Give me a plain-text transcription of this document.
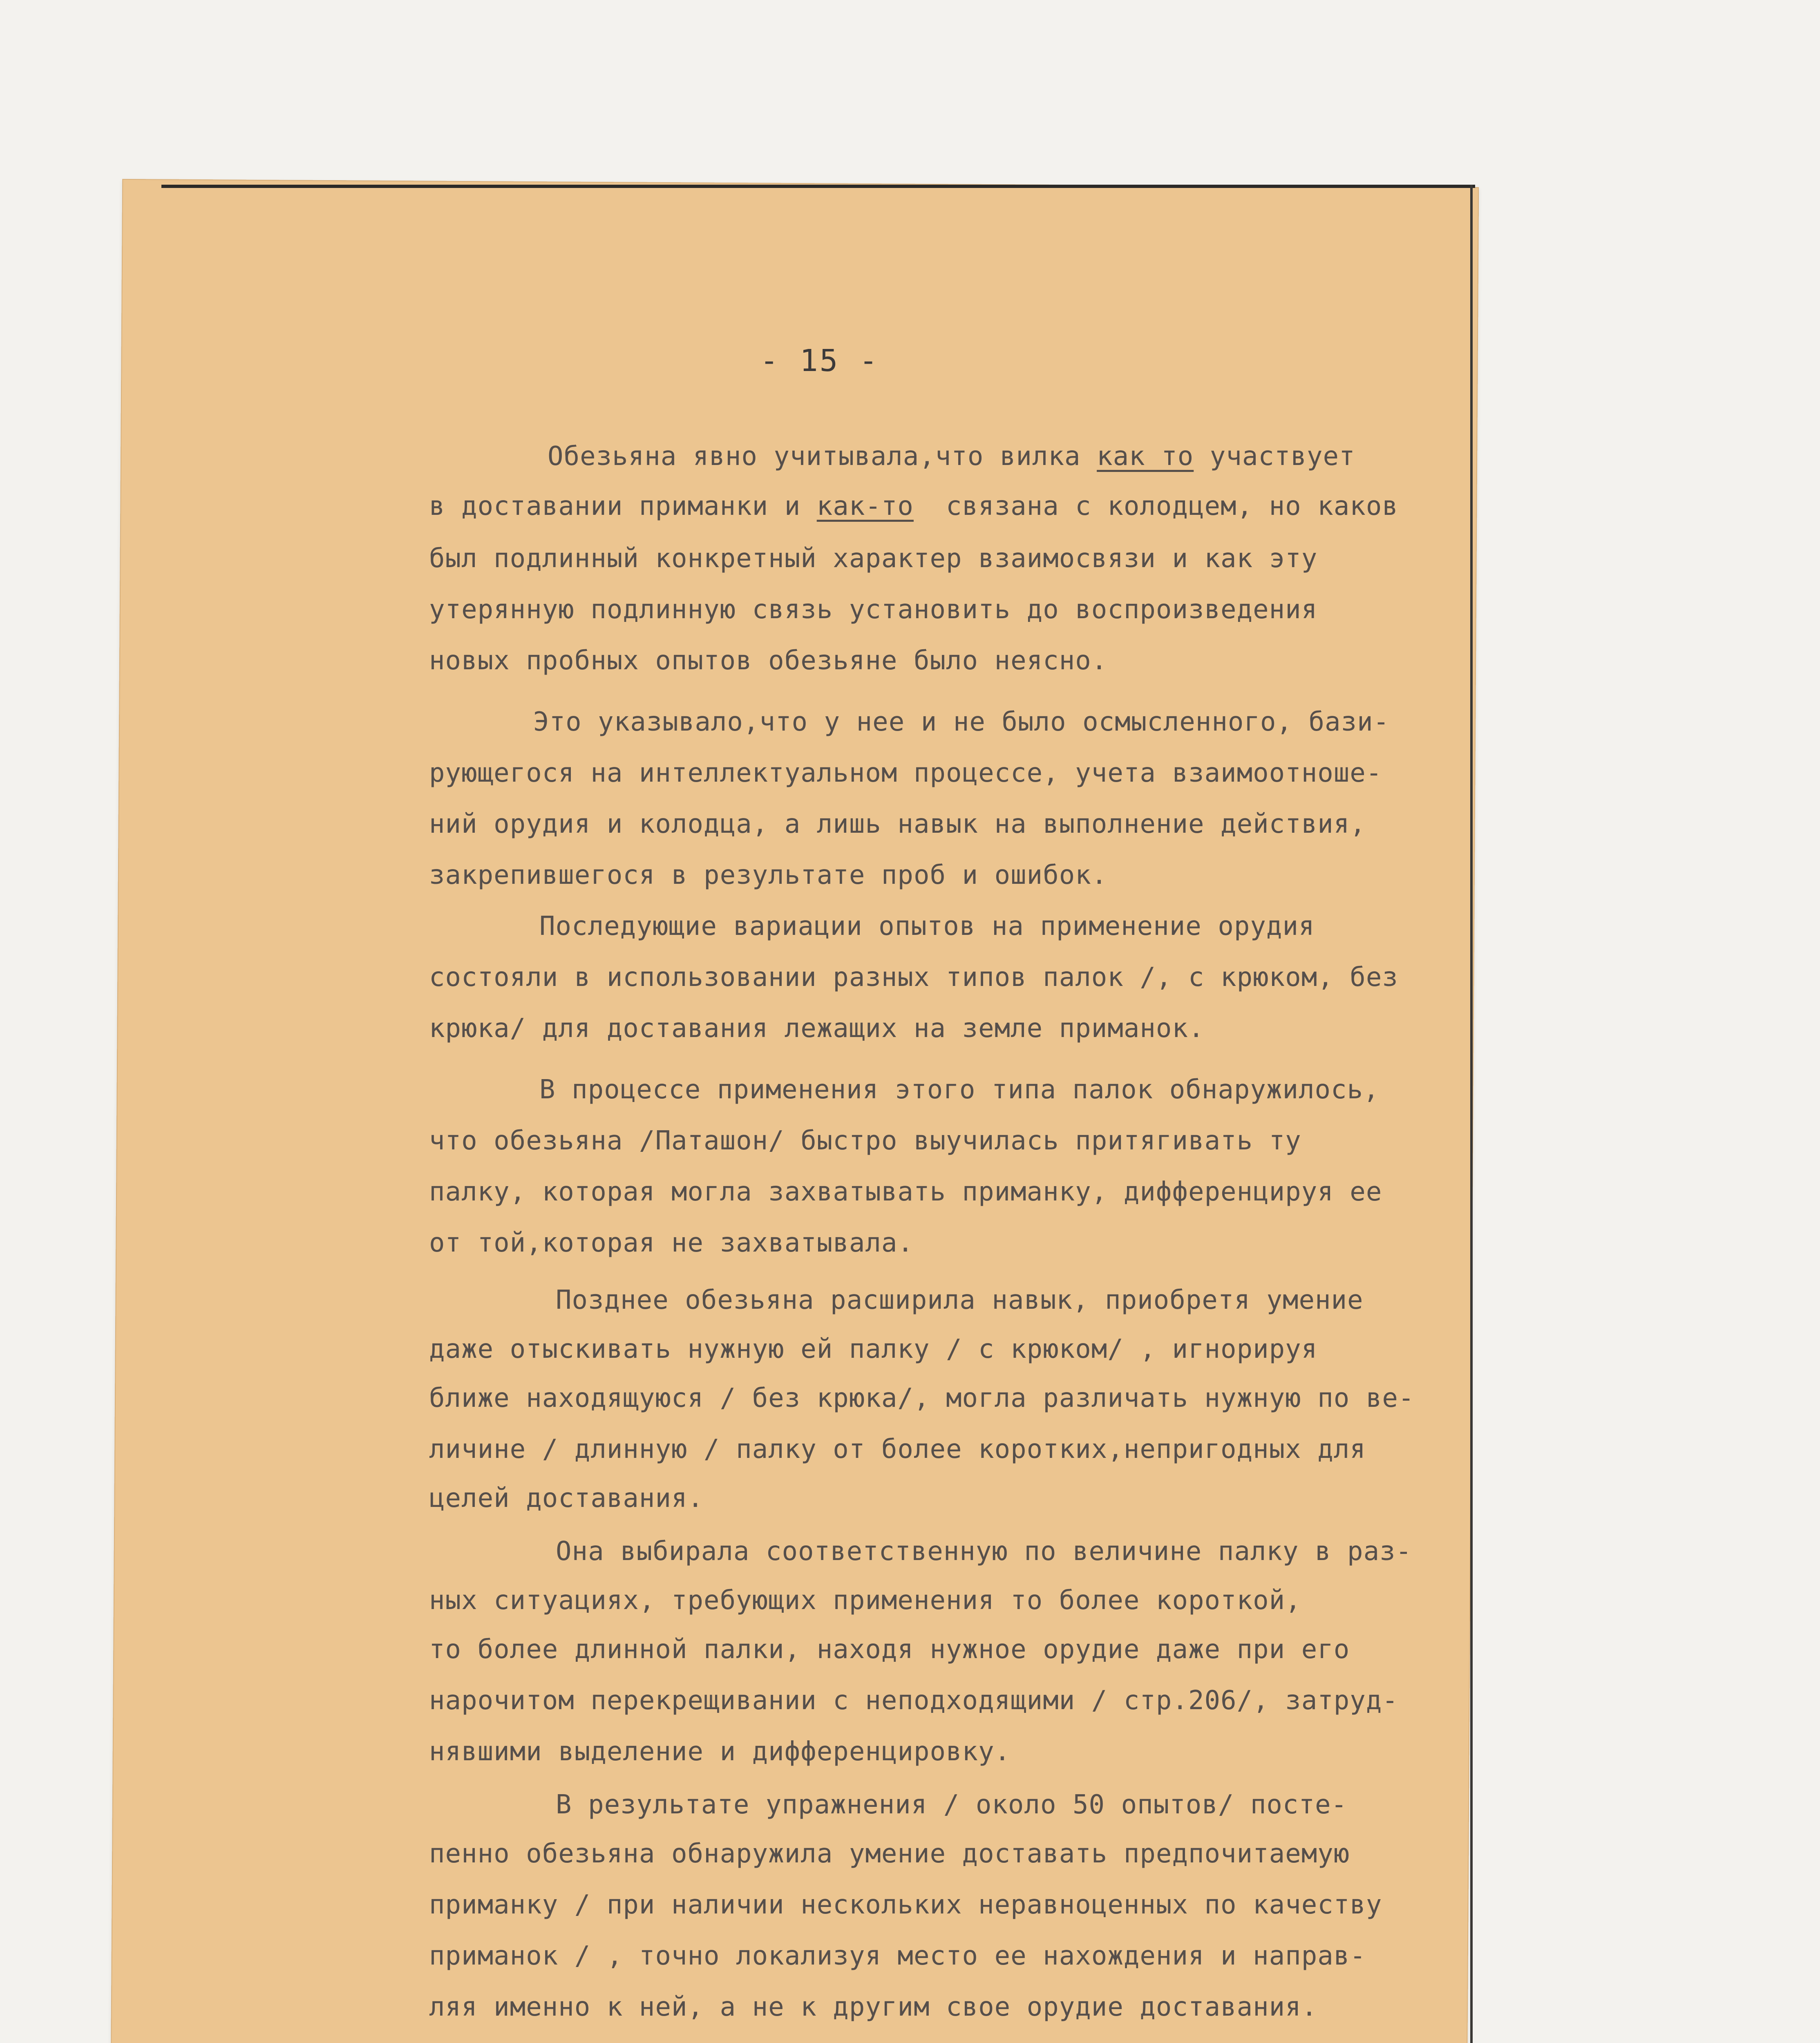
- 15 -
Обезьяна явно учитывала,что вилка как то участвует
в доставании приманки и как-то  связана с колодцем, но каков
был подлинный конкретный характер взаимосвязи и как эту
утерянную подлинную связь установить до воспроизведения
новых пробных опытов обезьяне было неясно.
Это указывало,что у нее и не было осмысленного, бази-
рующегося на интеллектуальном процессе, учета взаимоотноше-
ний орудия и колодца, а лишь навык на выполнение действия,
закрепившегося в результате проб и ошибок.
Последующие вариации опытов на применение орудия
состояли в использовании разных типов палок /, с крюком, без
крюка/ для доставания лежащих на земле приманок.
В процессе применения этого типа палок обнаружилось,
что обезьяна /Паташон/ быстро выучилась притягивать ту
палку, которая могла захватывать приманку, дифференцируя ее
от той,которая не захватывала.
Позднее обезьяна расширила навык, приобретя умение
даже отыскивать нужную ей палку / с крюком/ , игнорируя
ближе находящуюся / без крюка/, могла различать нужную по ве-
личине / длинную / палку от более коротких,непригодных для
целей доставания.
Она выбирала соответственную по величине палку в раз-
ных ситуациях, требующих применения то более короткой,
то более длинной палки, находя нужное орудие даже при его
нарочитом перекрещивании с неподходящими / стр.206/, затруд-
нявшими выделение и дифференцировку.
В результате упражнения / около 50 опытов/ посте-
пенно обезьяна обнаружила умение доставать предпочитаемую
приманку / при наличии нескольких неравноценных по качеству
приманок / , точно локализуя место ее нахождения и направ-
ляя именно к ней, а не к другим свое орудие доставания.
